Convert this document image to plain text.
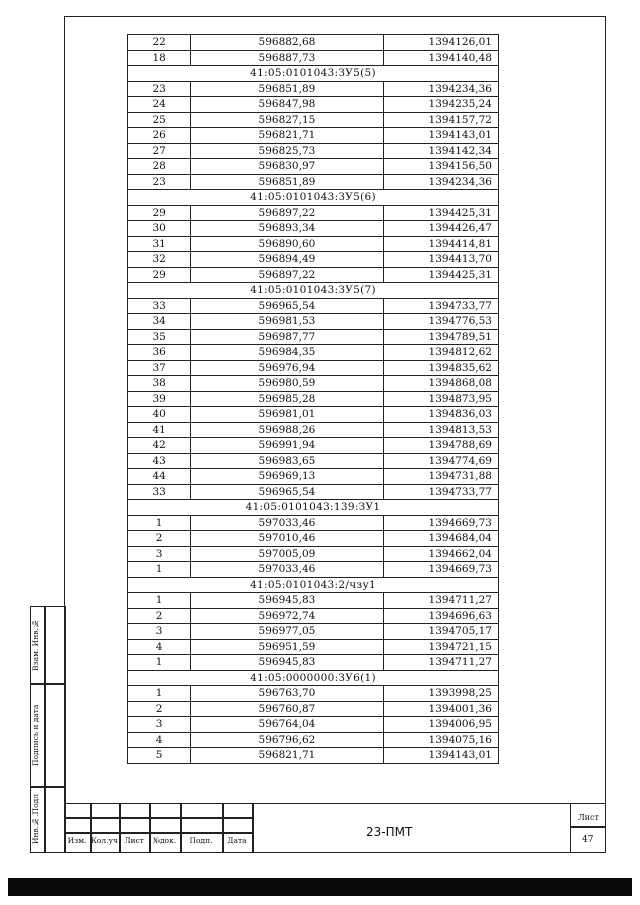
Взам. Инв.№
Подпись и дата
Инв.№.Подл
22	596882,68	1394126,01
18	596887,73	1394140,48
41:05:0101043:ЗУ5(5)		
23	596851,89	1394234,36
24	596847,98	1394235,24
25	596827,15	1394157,72
26	596821,71	1394143,01
27	596825,73	1394142,34
28	596830,97	1394156,50
23	596851,89	1394234,36
41:05:0101043:ЗУ5(6)		
29	596897,22	1394425,31
30	596893,34	1394426,47
31	596890,60	1394414,81
32	596894,49	1394413,70
29	596897,22	1394425,31
41:05:0101043:ЗУ5(7)		
33	596965,54	1394733,77
34	596981,53	1394776,53
35	596987,77	1394789,51
36	596984,35	1394812,62
37	596976,94	1394835,62
38	596980,59	1394868,08
39	596985,28	1394873,95
40	596981,01	1394836,03
41	596988,26	1394813,53
42	596991,94	1394788,69
43	596983,65	1394774,69
44	596969,13	1394731,88
33	596965,54	1394733,77
41:05:0101043:139:ЗУ1		
1	597033,46	1394669,73
2	597010,46	1394684,04
3	597005,09	1394662,04
1	597033,46	1394669,73
41:05:0101043:2/чзу1		
1	596945,83	1394711,27
2	596972,74	1394696,63
3	596977,05	1394705,17
4	596951,59	1394721,15
1	596945,83	1394711,27
41:05:0000000:ЗУ6(1)		
1	596763,70	1393998,25
2	596760,87	1394001,36
3	596764,04	1394006,95
4	596796,62	1394075,16
5	596821,71	1394143,01
Изм. Кол.уч Лист	№док.	Подп.	Дата
23-ПМТ
Лист
47
